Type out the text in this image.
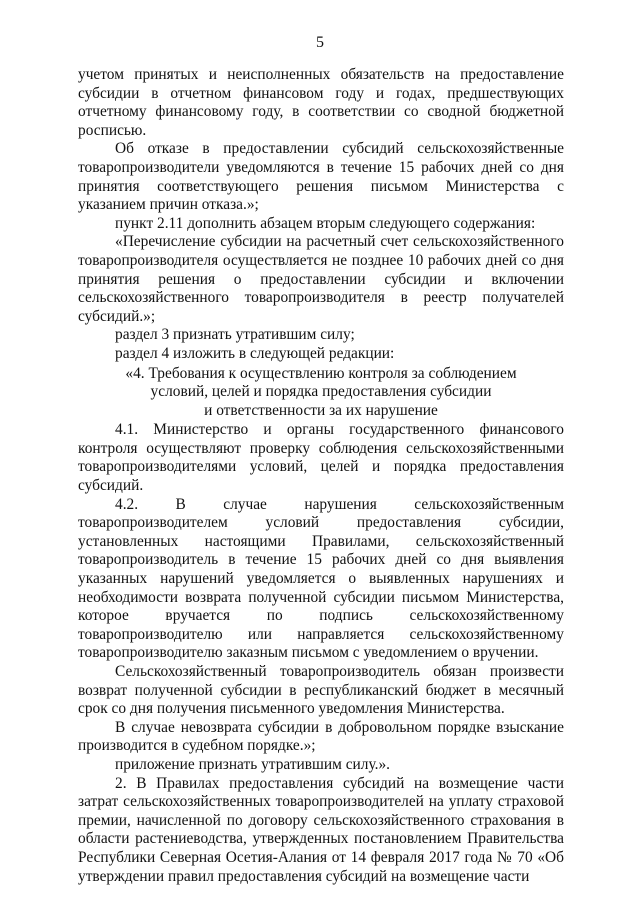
5

учетом принятых и неисполненных обязательств на предоставление субсидии в отчетном финансовом году и годах, предшествующих отчетному финансовому году, в соответствии со сводной бюджетной росписью.

Об отказе в предоставлении субсидий сельскохозяйственные товаропроизводители уведомляются в течение 15 рабочих дней со дня принятия соответствующего решения письмом Министерства с указанием причин отказа.»;

пункт 2.11 дополнить абзацем вторым следующего содержания:

«Перечисление субсидии на расчетный счет сельскохозяйственного товаропроизводителя осуществляется не позднее 10 рабочих дней со дня принятия решения о предоставлении субсидии и включении сельскохозяйственного товаропроизводителя в реестр получателей субсидий.»;

раздел 3 признать утратившим силу;

раздел 4 изложить в следующей редакции:

«4. Требования к осуществлению контроля за соблюдением
условий, целей и порядка предоставления субсидии
и ответственности за их нарушение

4.1. Министерство и органы государственного финансового контроля осуществляют проверку соблюдения сельскохозяйственными товаропроизводителями условий, целей и порядка предоставления субсидий.

4.2. В случае нарушения сельскохозяйственным товаропроизводителем условий предоставления субсидии, установленных настоящими Правилами, сельскохозяйственный товаропроизводитель в течение 15 рабочих дней со дня выявления указанных нарушений уведомляется о выявленных нарушениях и необходимости возврата полученной субсидии письмом Министерства, которое вручается по подпись сельскохозяйственному товаропроизводителю или направляется сельскохозяйственному товаропроизводителю заказным письмом с уведомлением о вручении.

Сельскохозяйственный товаропроизводитель обязан произвести возврат полученной субсидии в республиканский бюджет в месячный срок со дня получения письменного уведомления Министерства.

В случае невозврата субсидии в добровольном порядке взыскание производится в судебном порядке.»;

приложение признать утратившим силу.».

2. В Правилах предоставления субсидий на возмещение части затрат сельскохозяйственных товаропроизводителей на уплату страховой премии, начисленной по договору сельскохозяйственного страхования в области растениеводства, утвержденных постановлением Правительства Республики Северная Осетия-Алания от 14 февраля 2017 года № 70 «Об утверждении правил предоставления субсидий на возмещение части
